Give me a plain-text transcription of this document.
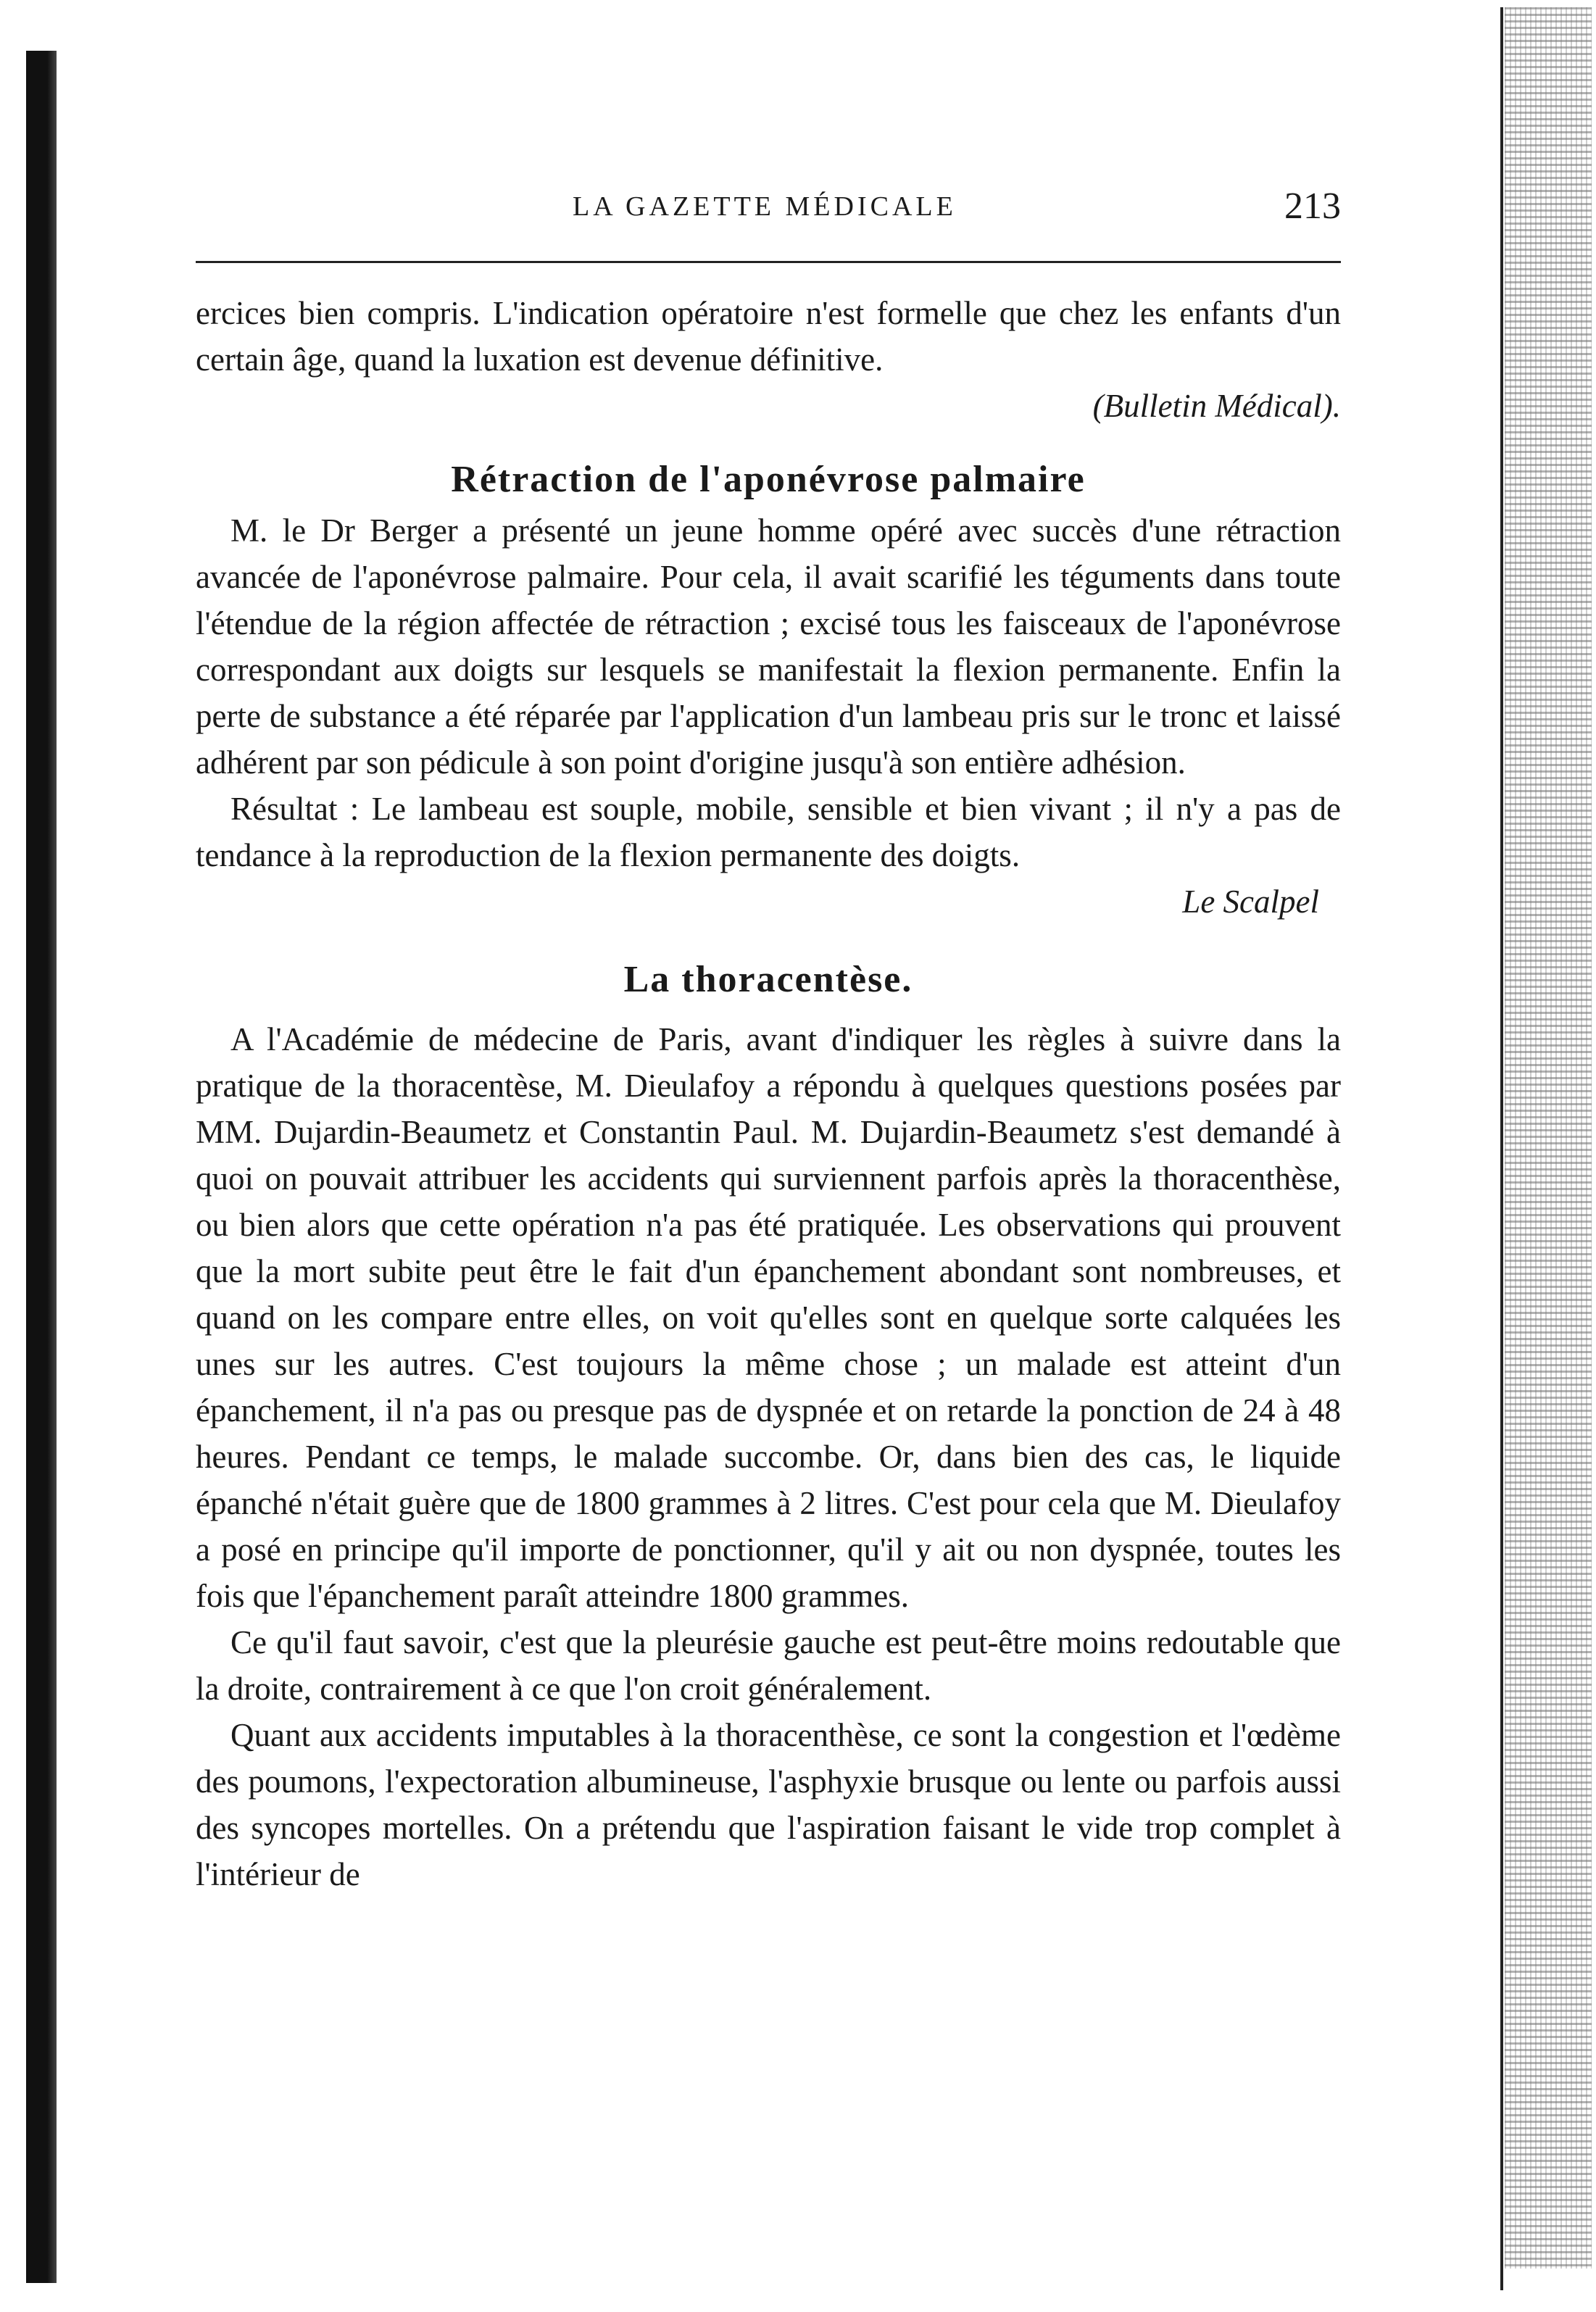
LA GAZETTE MÉDICALE	213

ercices bien compris. L'indication opératoire n'est formelle que chez les enfants d'un certain âge, quand la luxation est devenue définitive.

(Bulletin Médical).

Rétraction de l'aponévrose palmaire

M. le Dr Berger a présenté un jeune homme opéré avec succès d'une rétraction avancée de l'aponévrose palmaire. Pour cela, il avait scarifié les téguments dans toute l'étendue de la région affectée de rétraction ; excisé tous les faisceaux de l'aponévrose correspondant aux doigts sur lesquels se manifestait la flexion permanente. Enfin la perte de substance a été réparée par l'application d'un lambeau pris sur le tronc et laissé adhérent par son pédicule à son point d'origine jusqu'à son entière adhésion.

Résultat : Le lambeau est souple, mobile, sensible et bien vivant ; il n'y a pas de tendance à la reproduction de la flexion permanente des doigts.

Le Scalpel

La thoracentèse.

A l'Académie de médecine de Paris, avant d'indiquer les règles à suivre dans la pratique de la thoracentèse, M. Dieulafoy a répondu à quelques questions posées par MM. Dujardin-Beaumetz et Constantin Paul. M. Dujardin-Beaumetz s'est demandé à quoi on pouvait attribuer les accidents qui surviennent parfois après la thoracenthèse, ou bien alors que cette opération n'a pas été pratiquée. Les observations qui prouvent que la mort subite peut être le fait d'un épanchement abondant sont nombreuses, et quand on les compare entre elles, on voit qu'elles sont en quelque sorte calquées les unes sur les autres. C'est toujours la même chose ; un malade est atteint d'un épanchement, il n'a pas ou presque pas de dyspnée et on retarde la ponction de 24 à 48 heures. Pendant ce temps, le malade succombe. Or, dans bien des cas, le liquide épanché n'était guère que de 1800 grammes à 2 litres. C'est pour cela que M. Dieulafoy a posé en principe qu'il importe de ponctionner, qu'il y ait ou non dyspnée, toutes les fois que l'épanchement paraît atteindre 1800 grammes.

Ce qu'il faut savoir, c'est que la pleurésie gauche est peut-être moins redoutable que la droite, contrairement à ce que l'on croit généralement.

Quant aux accidents imputables à la thoracenthèse, ce sont la congestion et l'œdème des poumons, l'expectoration albumineuse, l'asphyxie brusque ou lente ou parfois aussi des syncopes mortelles. On a prétendu que l'aspiration faisant le vide trop complet à l'intérieur de
